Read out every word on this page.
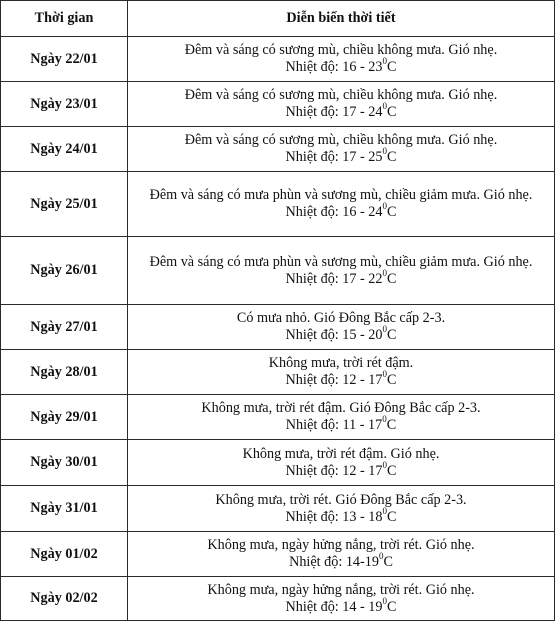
Thời gian	Diễn biến thời tiết
Ngày 22/01	Đêm và sáng có sương mù, chiều không mưa. Gió nhẹ.
Nhiệt độ: $16 - 23^0C$

Ngày 23/01	Đêm và sáng có sương mù, chiều không mưa. Gió nhẹ.
Nhiệt độ: $17 - 24^0C$

Ngày 24/01	Đêm và sáng có sương mù, chiều không mưa. Gió nhẹ.
Nhiệt độ: $17 - 25^0C$

Ngày 25/01	Đêm và sáng có mưa phùn và sương mù, chiều giảm mưa. Gió nhẹ.
Nhiệt độ: $16 - 24^0C$

Ngày 26/01	Đêm và sáng có mưa phùn và sương mù, chiều giảm mưa. Gió nhẹ.
Nhiệt độ: $17 - 22^0C$

Ngày 27/01	Có mưa nhỏ. Gió Đông Bắc cấp 2-3.
Nhiệt độ: $15 - 20^0C$

Ngày 28/01	Không mưa, trời rét đậm.
Nhiệt độ: $12 - 17^0C$

Ngày 29/01	Không mưa, trời rét đậm. Gió Đông Bắc cấp 2-3.
Nhiệt độ: $11 - 17^0C$

Ngày 30/01	Không mưa, trời rét đậm. Gió nhẹ.
Nhiệt độ: $12 - 17^0C$

Ngày 31/01	Không mưa, trời rét. Gió Đông Bắc cấp 2-3.
Nhiệt độ: $13 - 18^0C$

Ngày 01/02	Không mưa, ngày hửng nắng, trời rét. Gió nhẹ.
Nhiệt độ: $14-19^0C$

Ngày 02/02	Không mưa, ngày hửng nắng, trời rét. Gió nhẹ.
Nhiệt độ: $14 - 19^0C$
